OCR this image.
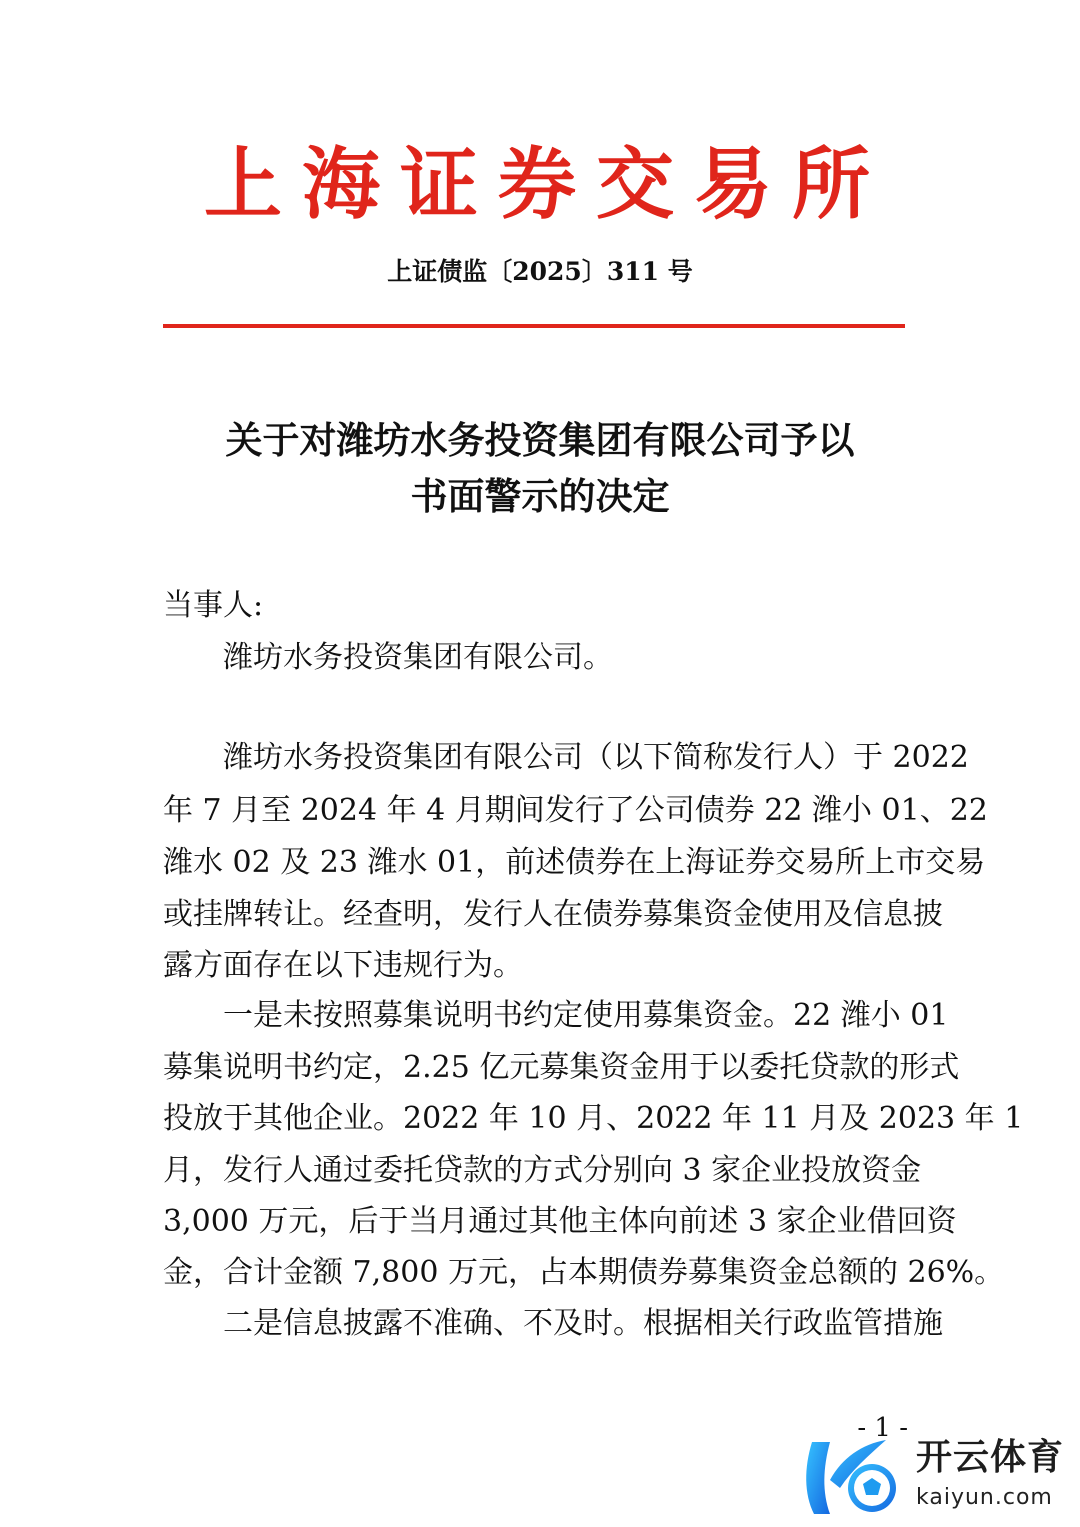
上海证券交易所
上证债监〔2025〕311 号
关于对潍坊水务投资集团有限公司予以
书面警示的决定
当事人:
潍坊水务投资集团有限公司。
潍坊水务投资集团有限公司（以下简称发行人）于 2022
年 7 月至 2024 年 4 月期间发行了公司债券 22 潍小 01、22
潍水 02 及 23 潍水 01，前述债券在上海证券交易所上市交易
或挂牌转让。经查明，发行人在债券募集资金使用及信息披
露方面存在以下违规行为。
一是未按照募集说明书约定使用募集资金。22 潍小 01
募集说明书约定，2.25 亿元募集资金用于以委托贷款的形式
投放于其他企业。2022 年 10 月、2022 年 11 月及 2023 年 1
月，发行人通过委托贷款的方式分别向 3 家企业投放资金
3,000 万元，后于当月通过其他主体向前述 3 家企业借回资
金，合计金额 7,800 万元，占本期债券募集资金总额的 26%。
二是信息披露不准确、不及时。根据相关行政监管措施
- 1 -
开云体育
kaiyun.com
